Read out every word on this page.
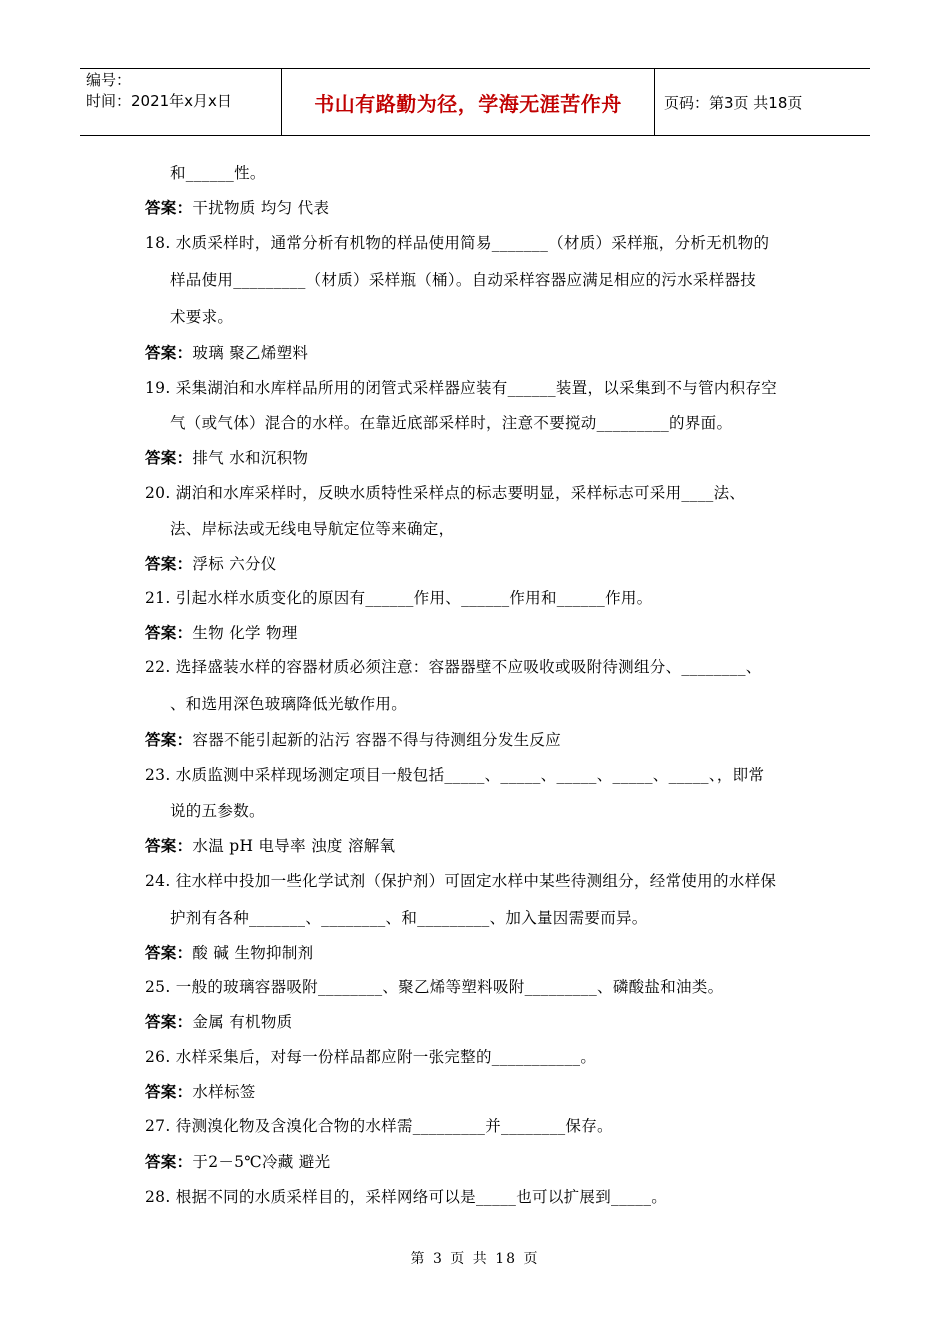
编号：
时间：2021年x月x日	书山有路勤为径，学海无涯苦作舟	页码：第3页 共18页
和______性。
答案：干扰物质 均匀 代表
18. 水质采样时，通常分析有机物的样品使用简易_______（材质）采样瓶，分析无机物的
样品使用_________（材质）采样瓶（桶）。自动采样容器应满足相应的污水采样器技
术要求。
答案：玻璃 聚乙烯塑料
19. 采集湖泊和水库样品所用的闭管式采样器应装有______装置，以采集到不与管内积存空
气（或气体）混合的水样。在靠近底部采样时，注意不要搅动_________的界面。
答案：排气 水和沉积物
20. 湖泊和水库采样时，反映水质特性采样点的标志要明显，采样标志可采用____法、
法、岸标法或无线电导航定位等来确定，
答案：浮标 六分仪
21. 引起水样水质变化的原因有______作用、______作用和______作用。
答案：生物 化学 物理
22. 选择盛装水样的容器材质必须注意：容器器壁不应吸收或吸附待测组分、________、
、和选用深色玻璃降低光敏作用。
答案：容器不能引起新的沾污 容器不得与待测组分发生反应
23. 水质监测中采样现场测定项目一般包括_____、_____、_____、_____、_____、，即常
说的五参数。
答案：水温 pH 电导率 浊度 溶解氧
24. 往水样中投加一些化学试剂（保护剂）可固定水样中某些待测组分，经常使用的水样保
护剂有各种_______、________、和_________、加入量因需要而异。
答案：酸 碱 生物抑制剂
25. 一般的玻璃容器吸附________、聚乙烯等塑料吸附_________、磷酸盐和油类。
答案：金属 有机物质
26. 水样采集后，对每一份样品都应附一张完整的___________。
答案：水样标签
27. 待测溴化物及含溴化合物的水样需_________并________保存。
答案：于2－5℃冷藏 避光
28. 根据不同的水质采样目的，采样网络可以是_____也可以扩展到_____。
第 3 页 共 18 页
